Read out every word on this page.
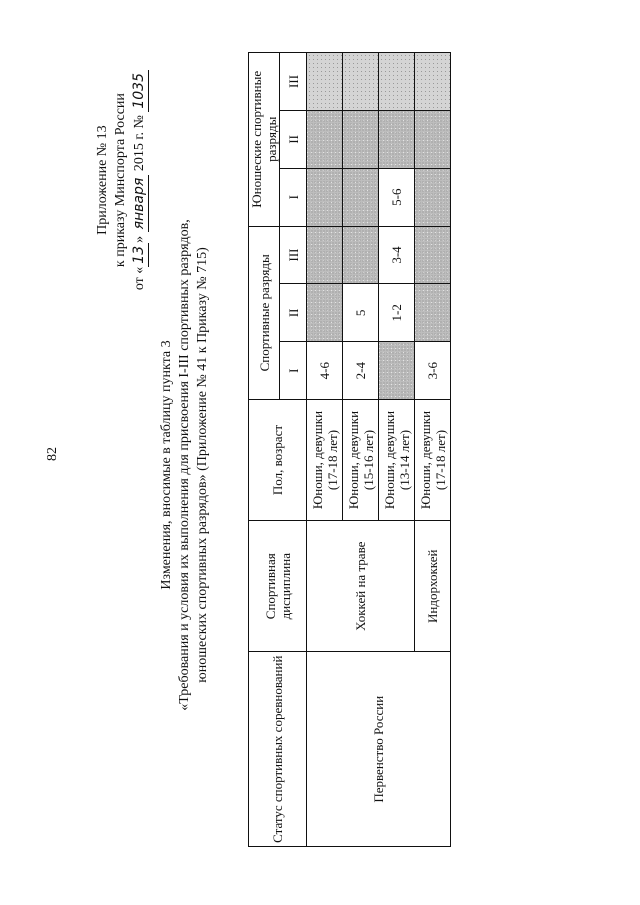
82
Приложение № 13 к приказу Минспорта России
от «13» января 2015 г. № 1035
Изменения, вносимые в таблицу пункта 3 «Требования и условия их выполнения для присвоения I-III спортивных разрядов, юношеских спортивных разрядов» (Приложение № 41 к Приказу № 715)
Статус спортивных соревнований	Спортивная дисциплина	Пол, возраст	Спортивные разряды			Юношеские спортивные разряды		
			I	II	III	I	II	III
Первенство России	Хоккей на траве	Юноши, девушки (17-18 лет)	4-6					
		Юноши, девушки (15-16 лет)	2-4	5				
		Юноши, девушки (13-14 лет)		1-2	3-4	5-6		
	Индорхоккей	Юноши, девушки (17-18 лет)	3-6					
